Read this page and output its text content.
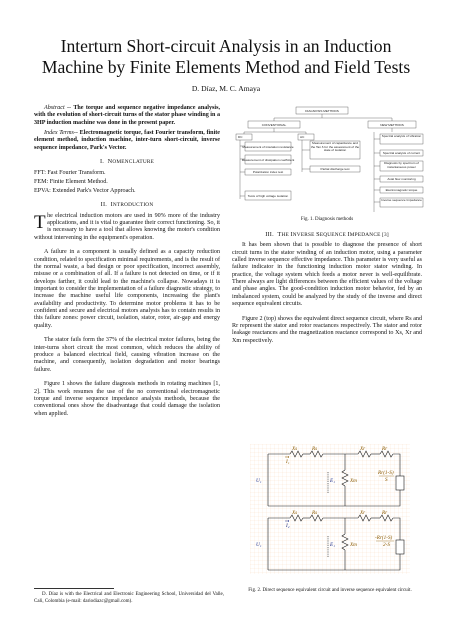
Interturn Short-circuit Analysis in an Induction
Machine by Finite Elements Method and Field Tests
D. Díaz, M. C. Amaya

Abstract -- The torque and sequence negative impedance analysis, with the evolution of short-circuit turns of the stator phase winding in a 3HP induction machine was done in the present paper.

Index Terms-- Electromagnetic torque, fast Fourier transform, finite element method, induction machine, inter-turn short-circuit, inverse sequence impedance, Park's Vector.

I. NOMENCLATURE

FFT: Fast Fourier Transform.

FEM: Finite Element Method.

EPVA: Extended Park's Vector Approach.

II. INTRODUCTION

The electrical induction motors are used in 90% more of the industry applications, and it is vital to guarantee their correct functioning. So, it is necessary to have a tool that allows knowing the motor's condition without intervening in the equipment's operation.

A failure in a component is usually defined as a capacity reduction condition, related to specification minimal requirements, and is the result of the normal waste, a bad design or poor specification, incorrect assembly, misuse or a combination of all. If a failure is not detected on time, or if it develops farther, it could lead to the machine's collapse. Nowadays it is important to consider the implementation of a failure diagnostic strategy, to increase the machine useful life components, increasing the plant's availability and productivity. To determine motor problems it has to be confident and secure and electrical motors analysis has to contain results in this failure zones: power circuit, isolation, stator, rotor, air-gap and energy quality.

The stator fails form the 37% of the electrical motor failures, being the inter-turns short circuit the most common, which reduces the ability of produce a balanced electrical field, causing vibration increase on the machine, and consequently, isolation degradation and motor bearings failure.

Figure 1 shows the failure diagnosis methods in rotating machines [1, 2]. This work resumes the use of the no conventional electromagnetic torque and inverse sequence impedance analysis methods, because the conventional ones show the disadvantage that could damage the isolation when applied.

D. Díaz is with the Electrical and Electronic Engineering School, Universidad del Valle, Cali, Colombia (e-mail: dariodiazc@gmail.com).
DIAGNOSIS METHODS
CONVENTIONAL	NEW METHODS
DC	AC
Measurement of insulation resistance
Measurement of dissipation coefficient
Polarization index test
Tests of high voltage isolation
Measurement of capacitance and the Tan δ for the assessment of the state of isolation
Partial discharge test
Spectral analysis of vibration
Spectral analysis of current
Diagnosis by spectrum of instantaneous power
Axial flow monitoring
Electromagnetic torque
Inverse sequence Impedance
Fig. 1. Diagnosis methods

III. THE INVERSE SEQUENCE IMPEDANCE [3]

It has been shown that is possible to diagnose the presence of short circuit turns in the stator winding of an induction motor, using a parameter called inverse sequence effective impedance. This parameter is very useful as failure indicator in the functioning induction motor stator winding. In practice, the voltage system which feeds a motor never is well-equilibrate. There always are light differences between the efficient values of the voltage and phase angles. The good-condition induction motor behavior, fed by an imbalanced system, could be analyzed by the study of the inverse and direct sequence equivalent circuits.

Figure 2 (top) shows the equivalent direct sequence circuit, where Rs and Rr represent the stator and rotor reactances respectively. The stator and rotor leakage reactances and the magnetization reactance correspond to Xs, Xr and Xm respectively.

Xs	Rs	Xr	Rr
I₁
U₁	E₁	Xm
Rr(1-S)
S
Xs	Rs	Xr	Rr
I₂
U₁	E₁	Xm
-Rr(1-S)
2-S
Fig. 2. Direct sequence equivalent circuit and inverse sequence equivalent circuit.
